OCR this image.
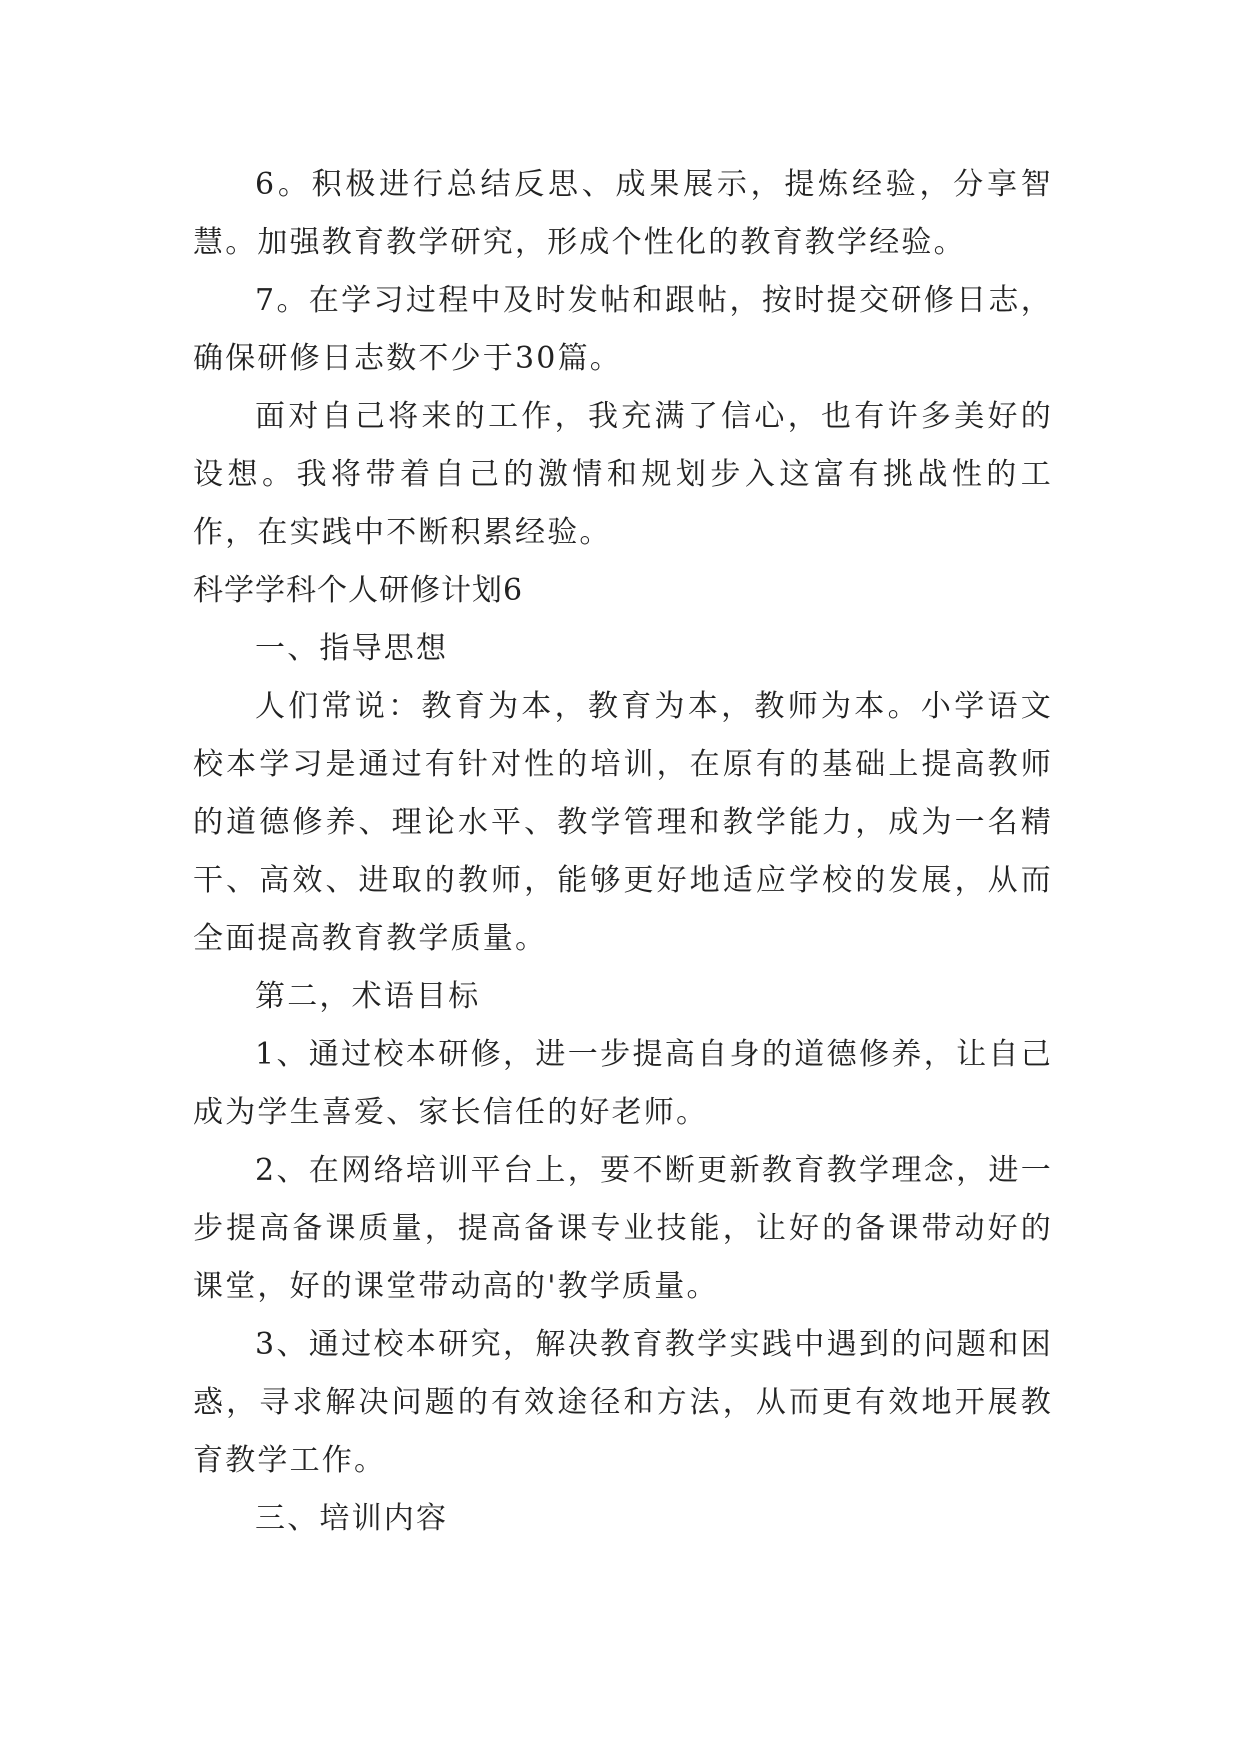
6。积极进行总结反思、成果展示，提炼经验，分享智慧。加强教育教学研究，形成个性化的教育教学经验。

7。在学习过程中及时发帖和跟帖，按时提交研修日志，确保研修日志数不少于30篇。

面对自己将来的工作，我充满了信心，也有许多美好的设想。我将带着自己的激情和规划步入这富有挑战性的工作，在实践中不断积累经验。

科学学科个人研修计划6

一、指导思想

人们常说：教育为本，教育为本，教师为本。小学语文校本学习是通过有针对性的培训，在原有的基础上提高教师的道德修养、理论水平、教学管理和教学能力，成为一名精干、高效、进取的教师，能够更好地适应学校的发展，从而全面提高教育教学质量。

第二，术语目标

1、通过校本研修，进一步提高自身的道德修养，让自己成为学生喜爱、家长信任的好老师。

2、在网络培训平台上，要不断更新教育教学理念，进一步提高备课质量，提高备课专业技能，让好的备课带动好的课堂，好的课堂带动高的'教学质量。

3、通过校本研究，解决教育教学实践中遇到的问题和困惑，寻求解决问题的有效途径和方法，从而更有效地开展教育教学工作。

三、培训内容
